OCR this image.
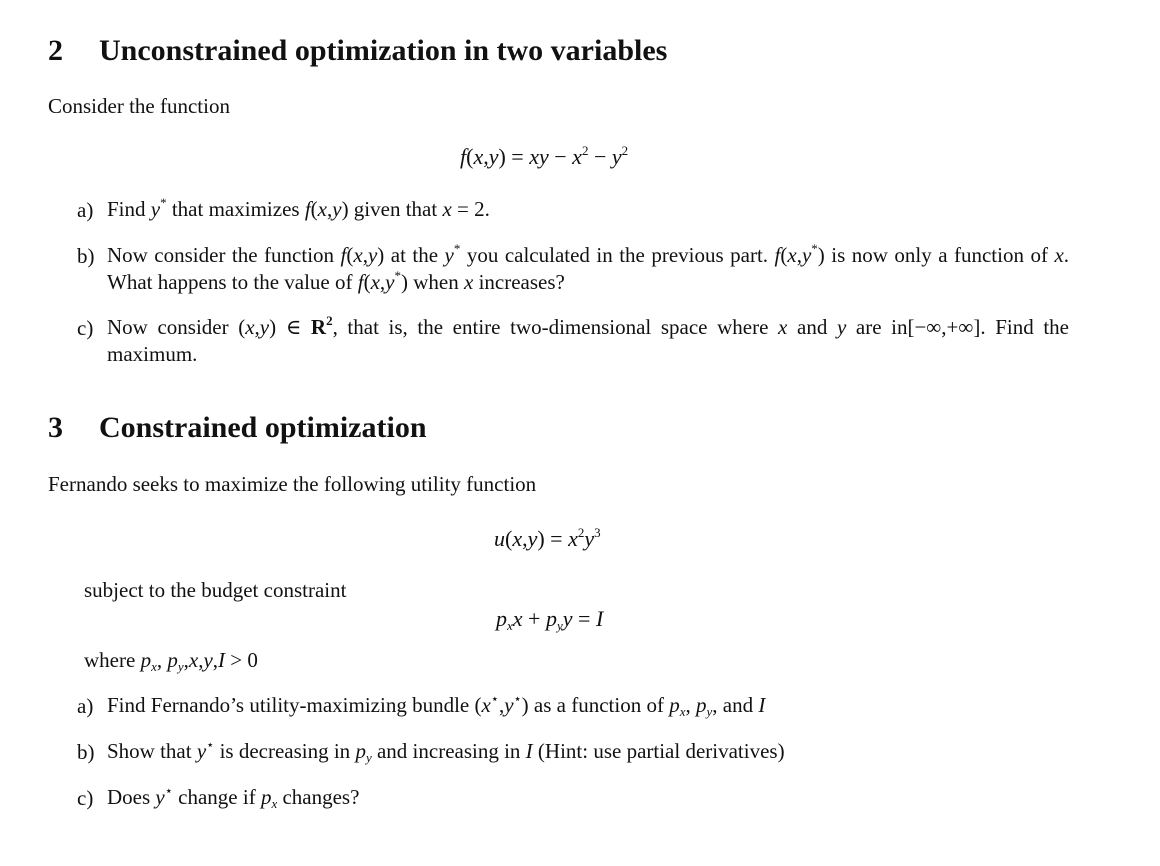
2 Unconstrained optimization in two variables
Consider the function
f(x,y) = xy − $x^2 - y^2$
a) Find y* that maximizes f(x,y) given that x = 2.
b) Now consider the function f(x,y) at the y* you calculated in the previous part. f(x,y*) is now only a function of x. What happens to the value of f(x,y*) when x increases?
c) Now consider (x,y) ∈ $R^2$, that is, the entire two-dimensional space where x and y are in[−∞,+∞]. Find the maximum.
3 Constrained optimization
Fernando seeks to maximize the following utility function
$u(x,y) = x^2y^3$
subject to the budget constraint
$p_xx + p_yy = I$
where $p_x$, $p_y,x,y,I > 0$
a) Find Fernando’s utility-maximizing bundle (x⋆,y⋆) as a function of $p_x$, $p_y$, and I
b) Show that y⋆ is decreasing in $p_y$ and increasing in I (Hint: use partial derivatives)
c) Does y⋆ change if $p_x$ changes?
